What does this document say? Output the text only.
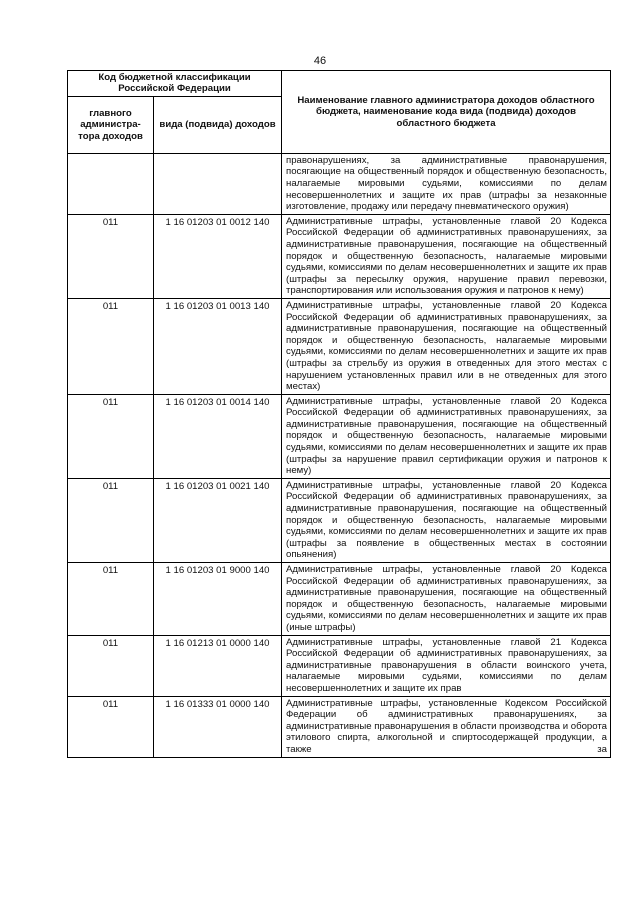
46
Код бюджетной классификации Российской Федерации		Наименование главного администратора доходов областного бюджета, наименование кода вида (подвида) доходов областного бюджета
главного администра-тора доходов	вида (подвида) доходов	
		правонарушениях, за административные правонарушения, посягающие на общественный порядок и общественную безопасность, налагаемые мировыми судьями, комиссиями по делам несовершеннолетних и защите их прав (штрафы за незаконные изготовление, продажу или передачу пневматического оружия)
011	1 16 01203 01 0012 140	Административные штрафы, установленные главой 20 Кодекса Российской Федерации об административных правонарушениях, за административные правонарушения, посягающие на общественный порядок и общественную безопасность, налагаемые мировыми судьями, комиссиями по делам несовершеннолетних и защите их прав (штрафы за пересылку оружия, нарушение правил перевозки, транспортирования или использования оружия и патронов к нему)
011	1 16 01203 01 0013 140	Административные штрафы, установленные главой 20 Кодекса Российской Федерации об административных правонарушениях, за административные правонарушения, посягающие на общественный порядок и общественную безопасность, налагаемые мировыми судьями, комиссиями по делам несовершеннолетних и защите их прав (штрафы за стрельбу из оружия в отведенных для этого местах с нарушением установленных правил или в не отведенных для этого местах)
011	1 16 01203 01 0014 140	Административные штрафы, установленные главой 20 Кодекса Российской Федерации об административных правонарушениях, за административные правонарушения, посягающие на общественный порядок и общественную безопасность, налагаемые мировыми судьями, комиссиями по делам несовершеннолетних и защите их прав (штрафы за нарушение правил сертификации оружия и патронов к нему)
011	1 16 01203 01 0021 140	Административные штрафы, установленные главой 20 Кодекса Российской Федерации об административных правонарушениях, за административные правонарушения, посягающие на общественный порядок и общественную безопасность, налагаемые мировыми судьями, комиссиями по делам несовершеннолетних и защите их прав (штрафы за появление в общественных местах в состоянии опьянения)
011	1 16 01203 01 9000 140	Административные штрафы, установленные главой 20 Кодекса Российской Федерации об административных правонарушениях, за административные правонарушения, посягающие на общественный порядок и общественную безопасность, налагаемые мировыми судьями, комиссиями по делам несовершеннолетних и защите их прав (иные штрафы)
011	1 16 01213 01 0000 140	Административные штрафы, установленные главой 21 Кодекса Российской Федерации об административных правонарушениях, за административные правонарушения в области воинского учета, налагаемые мировыми судьями, комиссиями по делам несовершеннолетних и защите их прав
011	1 16 01333 01 0000 140	Административные штрафы, установленные Кодексом Российской Федерации об административных правонарушениях, за административные правонарушения в области производства и оборота этилового спирта, алкогольной и спиртосодержащей продукции, а также за
